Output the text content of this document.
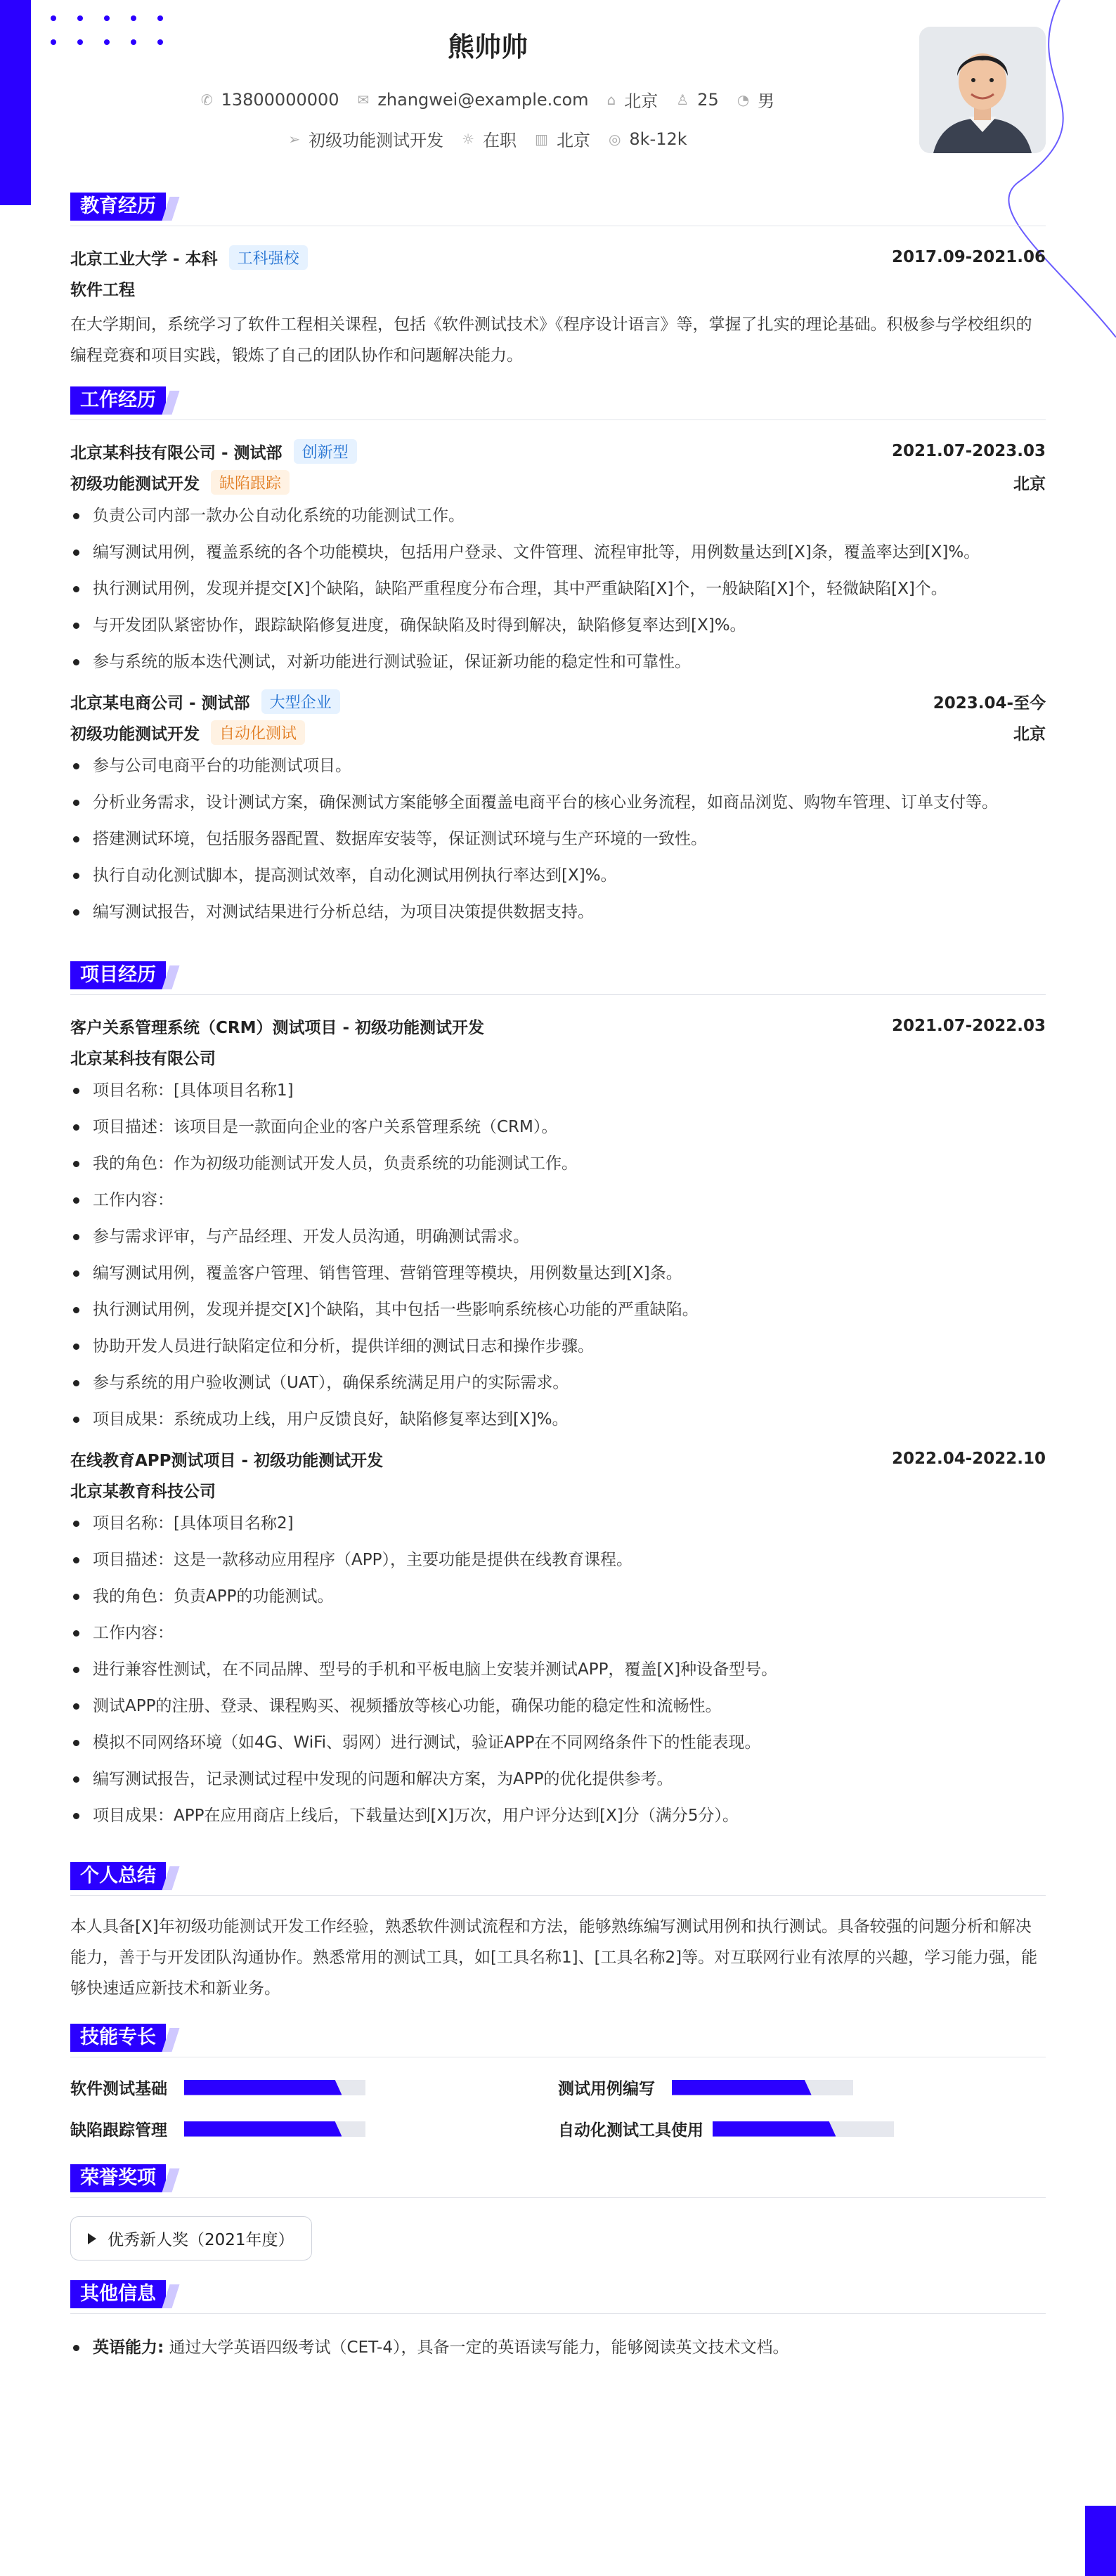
熊帅帅
✆ 13800000000 ✉ zhangwei@example.com ⌂ 北京 ♙ 25 ◔ 男
➢ 初级功能测试开发 ☼ 在职 ▥ 北京 ◎ 8k-12k
教育经历
北京工业大学 - 本科	工科强校	2017.09-2021.06
软件工程

在大学期间，系统学习了软件工程相关课程，包括《软件测试技术》《程序设计语言》等，掌握了扎实的理论基础。积极参与学校组织的编程竞赛和项目实践，锻炼了自己的团队协作和问题解决能力。

工作经历
北京某科技有限公司 - 测试部	创新型	2021.07-2023.03
初级功能测试开发	缺陷跟踪	北京
负责公司内部一款办公自动化系统的功能测试工作。
编写测试用例，覆盖系统的各个功能模块，包括用户登录、文件管理、流程审批等，用例数量达到[X]条，覆盖率达到[X]%。
执行测试用例，发现并提交[X]个缺陷，缺陷严重程度分布合理，其中严重缺陷[X]个，一般缺陷[X]个，轻微缺陷[X]个。
与开发团队紧密协作，跟踪缺陷修复进度，确保缺陷及时得到解决，缺陷修复率达到[X]%。
参与系统的版本迭代测试，对新功能进行测试验证，保证新功能的稳定性和可靠性。
北京某电商公司 - 测试部	大型企业	2023.04-至今
初级功能测试开发	自动化测试	北京
参与公司电商平台的功能测试项目。
分析业务需求，设计测试方案，确保测试方案能够全面覆盖电商平台的核心业务流程，如商品浏览、购物车管理、订单支付等。
搭建测试环境，包括服务器配置、数据库安装等，保证测试环境与生产环境的一致性。
执行自动化测试脚本，提高测试效率，自动化测试用例执行率达到[X]%。
编写测试报告，对测试结果进行分析总结，为项目决策提供数据支持。
项目经历
客户关系管理系统（CRM）测试项目 - 初级功能测试开发	2021.07-2022.03
北京某科技有限公司
项目名称：[具体项目名称1]
项目描述：该项目是一款面向企业的客户关系管理系统（CRM）。
我的角色：作为初级功能测试开发人员，负责系统的功能测试工作。
工作内容：
参与需求评审，与产品经理、开发人员沟通，明确测试需求。
编写测试用例，覆盖客户管理、销售管理、营销管理等模块，用例数量达到[X]条。
执行测试用例，发现并提交[X]个缺陷，其中包括一些影响系统核心功能的严重缺陷。
协助开发人员进行缺陷定位和分析，提供详细的测试日志和操作步骤。
参与系统的用户验收测试（UAT），确保系统满足用户的实际需求。
项目成果：系统成功上线，用户反馈良好，缺陷修复率达到[X]%。
在线教育APP测试项目 - 初级功能测试开发	2022.04-2022.10
北京某教育科技公司
项目名称：[具体项目名称2]
项目描述：这是一款移动应用程序（APP），主要功能是提供在线教育课程。
我的角色：负责APP的功能测试。
工作内容：
进行兼容性测试，在不同品牌、型号的手机和平板电脑上安装并测试APP，覆盖[X]种设备型号。
测试APP的注册、登录、课程购买、视频播放等核心功能，确保功能的稳定性和流畅性。
模拟不同网络环境（如4G、WiFi、弱网）进行测试，验证APP在不同网络条件下的性能表现。
编写测试报告，记录测试过程中发现的问题和解决方案，为APP的优化提供参考。
项目成果：APP在应用商店上线后，下载量达到[X]万次，用户评分达到[X]分（满分5分）。
个人总结

本人具备[X]年初级功能测试开发工作经验，熟悉软件测试流程和方法，能够熟练编写测试用例和执行测试。具备较强的问题分析和解决能力，善于与开发团队沟通协作。熟悉常用的测试工具，如[工具名称1]、[工具名称2]等。对互联网行业有浓厚的兴趣，学习能力强，能够快速适应新技术和新业务。

技能专长
软件测试基础	测试用例编写
缺陷跟踪管理	自动化测试工具使用
荣誉奖项
优秀新人奖（2021年度）
其他信息
英语能力: 通过大学英语四级考试（CET-4），具备一定的英语读写能力，能够阅读英文技术文档。
